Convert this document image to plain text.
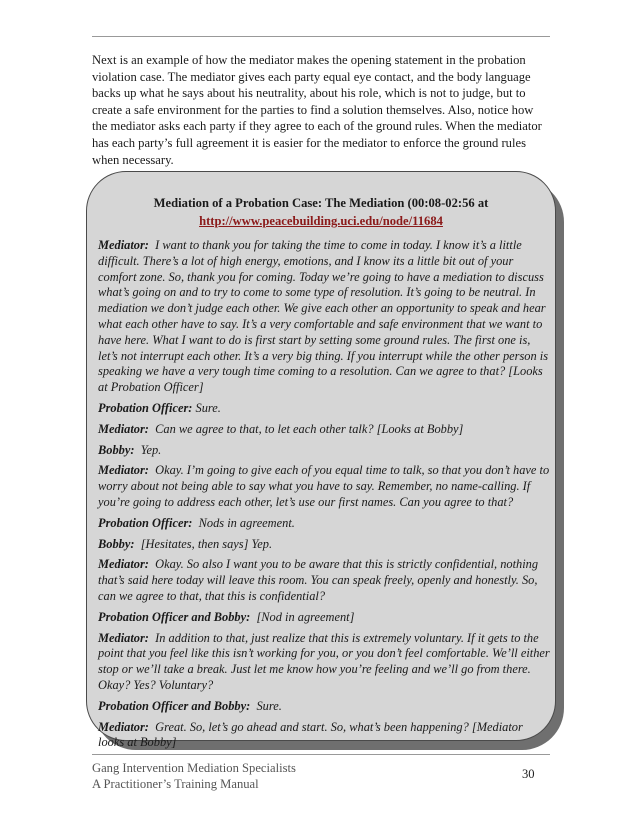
Next is an example of how the mediator makes the opening statement in the probation violation case. The mediator gives each party equal eye contact, and the body language backs up what he says about his neutrality, about his role, which is not to judge, but to create a safe environment for the parties to find a solution themselves. Also, notice how the mediator asks each party if they agree to each of the ground rules. When the mediator has each party’s full agreement it is easier for the mediator to enforce the ground rules when necessary.

Mediation of a Probation Case: The Mediation (00:08-02:56 at
http://www.peacebuilding.uci.edu/node/11684

Mediator: I want to thank you for taking the time to come in today. I know it’s a little difficult. There’s a lot of high energy, emotions, and I know its a little bit out of your comfort zone. So, thank you for coming. Today we’re going to have a mediation to discuss what’s going on and to try to come to some type of resolution. It’s going to be neutral. In mediation we don’t judge each other. We give each other an opportunity to speak and hear what each other have to say. It’s a very comfortable and safe environment that we want to have here. What I want to do is first start by setting some ground rules. The first one is, let’s not interrupt each other. It’s a very big thing. If you interrupt while the other person is speaking we have a very tough time coming to a resolution. Can we agree to that? [Looks at Probation Officer]

Probation Officer: Sure.

Mediator: Can we agree to that, to let each other talk? [Looks at Bobby]

Bobby: Yep.

Mediator: Okay. I’m going to give each of you equal time to talk, so that you don’t have to worry about not being able to say what you have to say. Remember, no name-calling. If you’re going to address each other, let’s use our first names. Can you agree to that?

Probation Officer: Nods in agreement.

Bobby: [Hesitates, then says] Yep.

Mediator: Okay. So also I want you to be aware that this is strictly confidential, nothing that’s said here today will leave this room. You can speak freely, openly and honestly. So, can we agree to that, that this is confidential?

Probation Officer and Bobby: [Nod in agreement]

Mediator: In addition to that, just realize that this is extremely voluntary. If it gets to the point that you feel like this isn’t working for you, or you don’t feel comfortable. We’ll either stop or we’ll take a break. Just let me know how you’re feeling and we’ll go from there. Okay? Yes? Voluntary?

Probation Officer and Bobby: Sure.

Mediator: Great. So, let’s go ahead and start. So, what’s been happening? [Mediator looks at Bobby]

Gang Intervention Mediation Specialists
A Practitioner’s Training Manual
30
